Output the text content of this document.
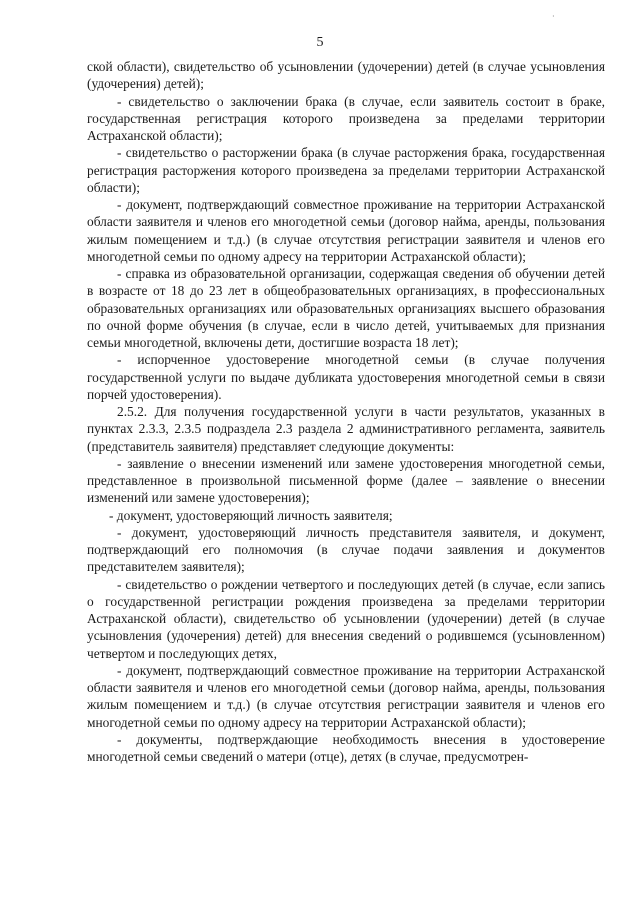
·
5

ской области), свидетельство об усыновлении (удочерении) детей (в случае усыновления (удочерения) детей);

- свидетельство о заключении брака (в случае, если заявитель состоит в браке, государственная регистрация которого произведена за пределами территории Астраханской области);

- свидетельство о расторжении брака (в случае расторжения брака, государственная регистрация расторжения которого произведена за пределами территории Астраханской области);

- документ, подтверждающий совместное проживание на территории Астраханской области заявителя и членов его многодетной семьи (договор найма, аренды, пользования жилым помещением и т.д.) (в случае отсутствия регистрации заявителя и членов его многодетной семьи по одному адресу на территории Астраханской области);

- справка из образовательной организации, содержащая сведения об обучении детей в возрасте от 18 до 23 лет в общеобразовательных организациях, в профессиональных образовательных организациях или образовательных организациях высшего образования по очной форме обучения (в случае, если в число детей, учитываемых для признания семьи многодетной, включены дети, достигшие возраста 18 лет);

- испорченное удостоверение многодетной семьи (в случае получения государственной услуги по выдаче дубликата удостоверения многодетной семьи в связи порчей удостоверения).

2.5.2. Для получения государственной услуги в части результатов, указанных в пунктах 2.3.3, 2.3.5 подраздела 2.3 раздела 2 административного регламента, заявитель (представитель заявителя) представляет следующие документы:

- заявление о внесении изменений или замене удостоверения многодетной семьи, представленное в произвольной письменной форме (далее – заявление о внесении изменений или замене удостоверения);

- документ, удостоверяющий личность заявителя;

- документ, удостоверяющий личность представителя заявителя, и документ, подтверждающий его полномочия (в случае подачи заявления и документов представителем заявителя);

- свидетельство о рождении четвертого и последующих детей (в случае, если запись о государственной регистрации рождения произведена за пределами территории Астраханской области), свидетельство об усыновлении (удочерении) детей (в случае усыновления (удочерения) детей) для внесения сведений о родившемся (усыновленном) четвертом и последующих детях,

- документ, подтверждающий совместное проживание на территории Астраханской области заявителя и членов его многодетной семьи (договор найма, аренды, пользования жилым помещением и т.д.) (в случае отсутствия регистрации заявителя и членов его многодетной семьи по одному адресу на территории Астраханской области);

- документы, подтверждающие необходимость внесения в удостоверение многодетной семьи сведений о матери (отце), детях (в случае, предусмотрен-
